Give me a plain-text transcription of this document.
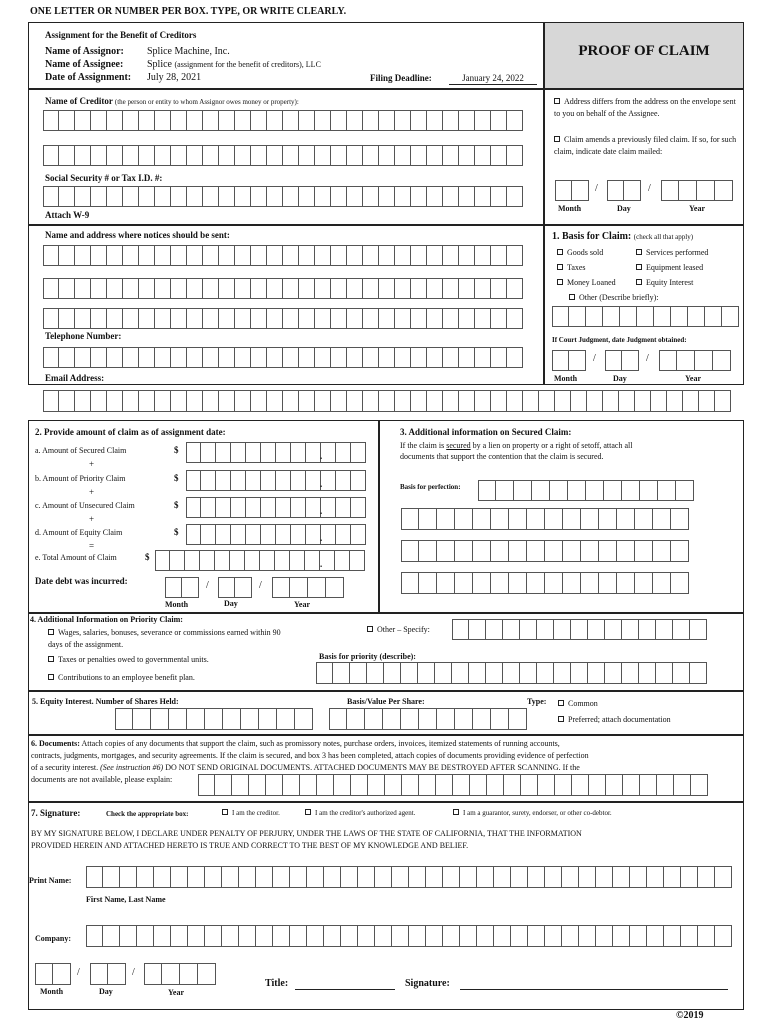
ONE LETTER OR NUMBER PER BOX. TYPE, OR WRITE CLEARLY.
Assignment for the Benefit of Creditors
Name of Assignor: Splice Machine, Inc.
Name of Assignee: Splice (assignment for the benefit of creditors), LLC
Date of Assignment: July 28, 2021	Filing Deadline:	January 24, 2022
PROOF OF CLAIM
Name of Creditor (the person or entity to whom Assignor owes money or property):
Social Security # or Tax I.D. #:
Attach W-9
Address differs from the address on the envelope sent to you on behalf of the Assignee.
Claim amends a previously filed claim. If so, for such claim, indicate date claim mailed:
/	/
Month	Day	Year
Name and address where notices should be sent:
Telephone Number:
Email Address:
1. Basis for Claim: (check all that apply)
Goods sold	Services performed
Taxes	Equipment leased
Money Loaned	Equity Interest
Other (Describe briefly):
If Court Judgment, date Judgment obtained:
/	/
Month	Day	Year
2. Provide amount of claim as of assignment date:
a. Amount of Secured Claim	$
.
+
b. Amount of Priority Claim	$
.
+
c. Amount of Unsecured Claim	$
.
+
d. Amount of Equity Claim	$
.
=
e. Total Amount of Claim	$
.
Date debt was incurred:	/	/
Month	Day	Year
3. Additional information on Secured Claim:
If the claim is secured by a lien on property or a right of setoff, attach all
documents that support the contention that the claim is secured.
Basis for perfection:
4. Additional Information on Priority Claim:
Wages, salaries, bonuses, severance or commissions earned within 90
days of the assignment.
Other – Specify:
Taxes or penalties owed to governmental units.	Basis for priority (describe):
Contributions to an employee benefit plan.
5. Equity Interest. Number of Shares Held:	Basis/Value Per Share:	Type:	Common
Preferred; attach documentation
6. Documents: Attach copies of any documents that support the claim, such as promissory notes, purchase orders, invoices, itemized statements of running accounts,
contracts, judgments, mortgages, and security agreements. If the claim is secured, and box 3 has been completed, attach copies of documents providing evidence of perfection
of a security interest. (See instruction #6) DO NOT SEND ORIGINAL DOCUMENTS. ATTACHED DOCUMENTS MAY BE DESTROYED AFTER SCANNING. If the
documents are not available, please explain:
7. Signature:	Check the appropriate box:	I am the creditor.	I am the creditor's authorized agent.	I am a guarantor, surety, endorser, or other co-debtor.
BY MY SIGNATURE BELOW, I DECLARE UNDER PENALTY OF PERJURY, UNDER THE LAWS OF THE STATE OF CALIFORNIA, THAT THE INFORMATION
PROVIDED HEREIN AND ATTACHED HERETO IS TRUE AND CORRECT TO THE BEST OF MY KNOWLEDGE AND BELIEF.
Print Name:
First Name, Last Name
Company:
/	/
Month	Day	Year
Title:	Signature:
©2019
